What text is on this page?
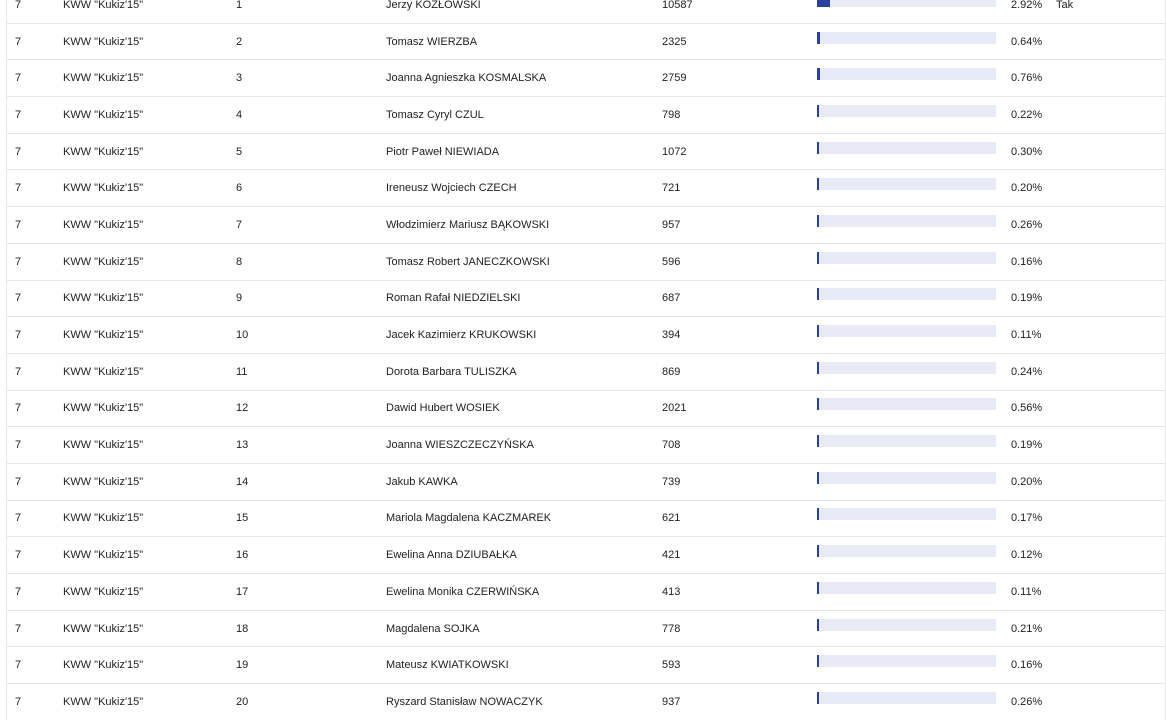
7	KWW "Kukiz'15"	1	Jerzy KOZŁOWSKI	10587	2.92% Tak
7	KWW "Kukiz'15"	2	Tomasz WIERZBA	2325	0.64%
7	KWW "Kukiz'15"	3	Joanna Agnieszka KOSMALSKA	2759	0.76%
7	KWW "Kukiz'15"	4	Tomasz Cyryl CZUL	798	0.22%
7	KWW "Kukiz'15"	5	Piotr Paweł NIEWIADA	1072	0.30%
7	KWW "Kukiz'15"	6	Ireneusz Wojciech CZECH	721	0.20%
7	KWW "Kukiz'15"	7	Włodzimierz Mariusz BĄKOWSKI	957	0.26%
7	KWW "Kukiz'15"	8	Tomasz Robert JANECZKOWSKI	596	0.16%
7	KWW "Kukiz'15"	9	Roman Rafał NIEDZIELSKI	687	0.19%
7	KWW "Kukiz'15"	10	Jacek Kazimierz KRUKOWSKI	394	0.11%
7	KWW "Kukiz'15"	11	Dorota Barbara TULISZKA	869	0.24%
7	KWW "Kukiz'15"	12	Dawid Hubert WOSIEK	2021	0.56%
7	KWW "Kukiz'15"	13	Joanna WIESZCZECZYŃSKA	708	0.19%
7	KWW "Kukiz'15"	14	Jakub KAWKA	739	0.20%
7	KWW "Kukiz'15"	15	Mariola Magdalena KACZMAREK	621	0.17%
7	KWW "Kukiz'15"	16	Ewelina Anna DZIUBAŁKA	421	0.12%
7	KWW "Kukiz'15"	17	Ewelina Monika CZERWIŃSKA	413	0.11%
7	KWW "Kukiz'15"	18	Magdalena SOJKA	778	0.21%
7	KWW "Kukiz'15"	19	Mateusz KWIATKOWSKI	593	0.16%
7	KWW "Kukiz'15"	20	Ryszard Stanisław NOWACZYK	937	0.26%
